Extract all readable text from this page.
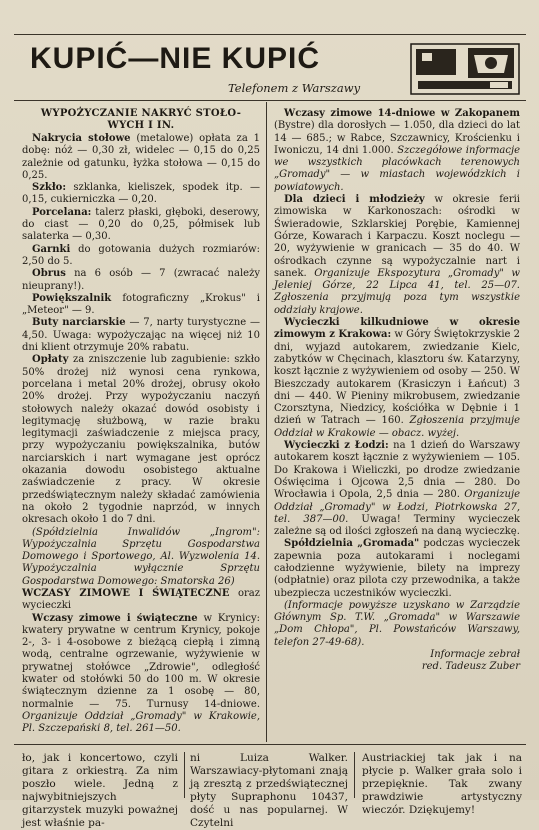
KUPIĆ—NIE KUPIĆ

Telefonem z Warszawy

WYPOŻYCZANIE NAKRYĆ STOŁO-
WYCH I IN.

Nakrycia stołowe (metalowe) opłata za 1 dobę: nóż — 0,30 zł, widelec — 0,15 do 0,25 zależnie od gatunku, łyżka stołowa — 0,15 do 0,25.

Szkło: szklanka, kieliszek, spodek itp. — 0,15, cukierniczka — 0,20.

Porcelana: talerz płaski, głęboki, deserowy, do ciast — 0,20 do 0,25, półmisek lub salaterka — 0,30.

Garnki do gotowania dużych rozmiarów: 2,50 do 5.

Obrus na 6 osób — 7 (zwracać należy nieuprany!).

Powiększalnik fotograficzny „Krokus" i „Meteor" — 9.

Buty narciarskie — 7, narty turystyczne — 4,50. Uwaga: wypożyczając na więcej niż 10 dni klient otrzymuje 20% rabatu.

Opłaty za zniszczenie lub zagubienie: szkło 50% drożej niż wynosi cena rynkowa, porcelana i metal 20% drożej, obrusy około 20% drożej. Przy wypożyczaniu naczyń stołowych należy okazać dowód osobisty i legitymację służbową, w razie braku legitymacji zaświadczenie z miejsca pracy, przy wypożyczaniu powiększalnika, butów narciarskich i nart wymagane jest oprócz okazania dowodu osobistego aktualne zaświadczenie z pracy. W okresie przedświątecznym należy składać zamówienia na około 2 tygodnie naprzód, w innych okresach około 1 do 7 dni.

(Spółdzielnia Inwalidów „Ingrom": Wypożyczalnia Sprzętu Gospodarstwa Domowego i Sportowego, Al. Wyzwolenia 14. Wypożyczalnia wyłącznie Sprzętu Gospodarstwa Domowego: Smatorska 26)

WCZASY ZIMOWE I ŚWIĄTECZNE oraz wycieczki

Wczasy zimowe i świąteczne w Krynicy: kwatery prywatne w centrum Krynicy, pokoje 2-, 3- i 4-osobowe z bieżącą ciepłą i zimną wodą, centralne ogrzewanie, wyżywienie w prywatnej stołówce „Zdrowie", odległość kwater od stołówki 50 do 100 m. W okresie świątecznym dzienne za 1 osobę — 80, normalnie — 75. Turnusy 14-dniowe. Organizuje Oddział „Gromady" w Krakowie, Pl. Szczepański 8, tel. 261—50.

Wczasy zimowe 14-dniowe w Zakopanem (Bystre) dla dorosłych — 1.050, dla dzieci do lat 14 — 685.; w Rabce, Szczawnicy, Krościenku i Iwoniczu, 14 dni 1.000. Szczegółowe informacje we wszystkich placówkach terenowych „Gromady" — w miastach wojewódzkich i powiatowych.

Dla dzieci i młodzieży w okresie ferii zimowiska w Karkonoszach: ośrodki w Świeradowie, Szklarskiej Porębie, Kamiennej Górze, Kowarach i Karpaczu. Koszt noclegu — 20, wyżywienie w granicach — 35 do 40. W ośrodkach czynne są wypożyczalnie nart i sanek. Organizuje Ekspozytura „Gromady" w Jeleniej Górze, 22 Lipca 41, tel. 25—07. Zgłoszenia przyjmują poza tym wszystkie oddziały krajowe.

Wycieczki kilkudniowe w okresie zimowym z Krakowa: w Góry Świętokrzyskie 2 dni, wyjazd autokarem, zwiedzanie Kielc, zabytków w Chęcinach, klasztoru św. Katarzyny, koszt łącznie z wyżywieniem od osoby — 250. W Bieszczady autokarem (Krasiczyn i Łańcut) 3 dni — 440. W Pieniny mikrobusem, zwiedzanie Czorsztyna, Niedzicy, kościółka w Dębnie i 1 dzień w Tatrach — 160. Zgłoszenia przyjmuje Oddział w Krakowie — obacz. wyżej.

Wycieczki z Łodzi: na 1 dzień do Warszawy autokarem koszt łącznie z wyżywieniem — 105. Do Krakowa i Wieliczki, po drodze zwiedzanie Oświęcima i Ojcowa 2,5 dnia — 280. Do Wrocławia i Opola, 2,5 dnia — 280. Organizuje Oddział „Gromady" w Łodzi, Piotrkowska 27, tel. 387—00. Uwaga! Terminy wycieczek zależne są od ilości zgłoszeń na daną wycieczkę.

Spółdzielnia „Gromada" podczas wycieczek zapewnia poza autokarami i noclegami całodzienne wyżywienie, bilety na imprezy (odpłatnie) oraz pilota czy przewodnika, a także ubezpiecza uczestników wycieczki.

(Informacje powyższe uzyskano w Zarządzie Głównym Sp. T.W. „Gromada" w Warszawie „Dom Chłopa", Pl. Powstańców Warszawy, telefon 27-49-68).

Informacje zebrał

red. Tadeusz Zuber

ło, jak i koncertowo, czyli gitara z orkiestrą. Za nim poszło wiele. Jedną z najwybitniejszych gitarzystek muzyki poważnej jest właśnie pa-

ni Luiza Walker. Warszawiacy-płytomani znają ją zresztą z przedświątecznej płyty Supraphonu 10437, dość u nas popularnej. W Czytelni

Austriackiej tak jak i na płycie p. Walker grała solo i przepięknie. Tak zwany prawdziwie artystyczny wieczór. Dziękujemy!
